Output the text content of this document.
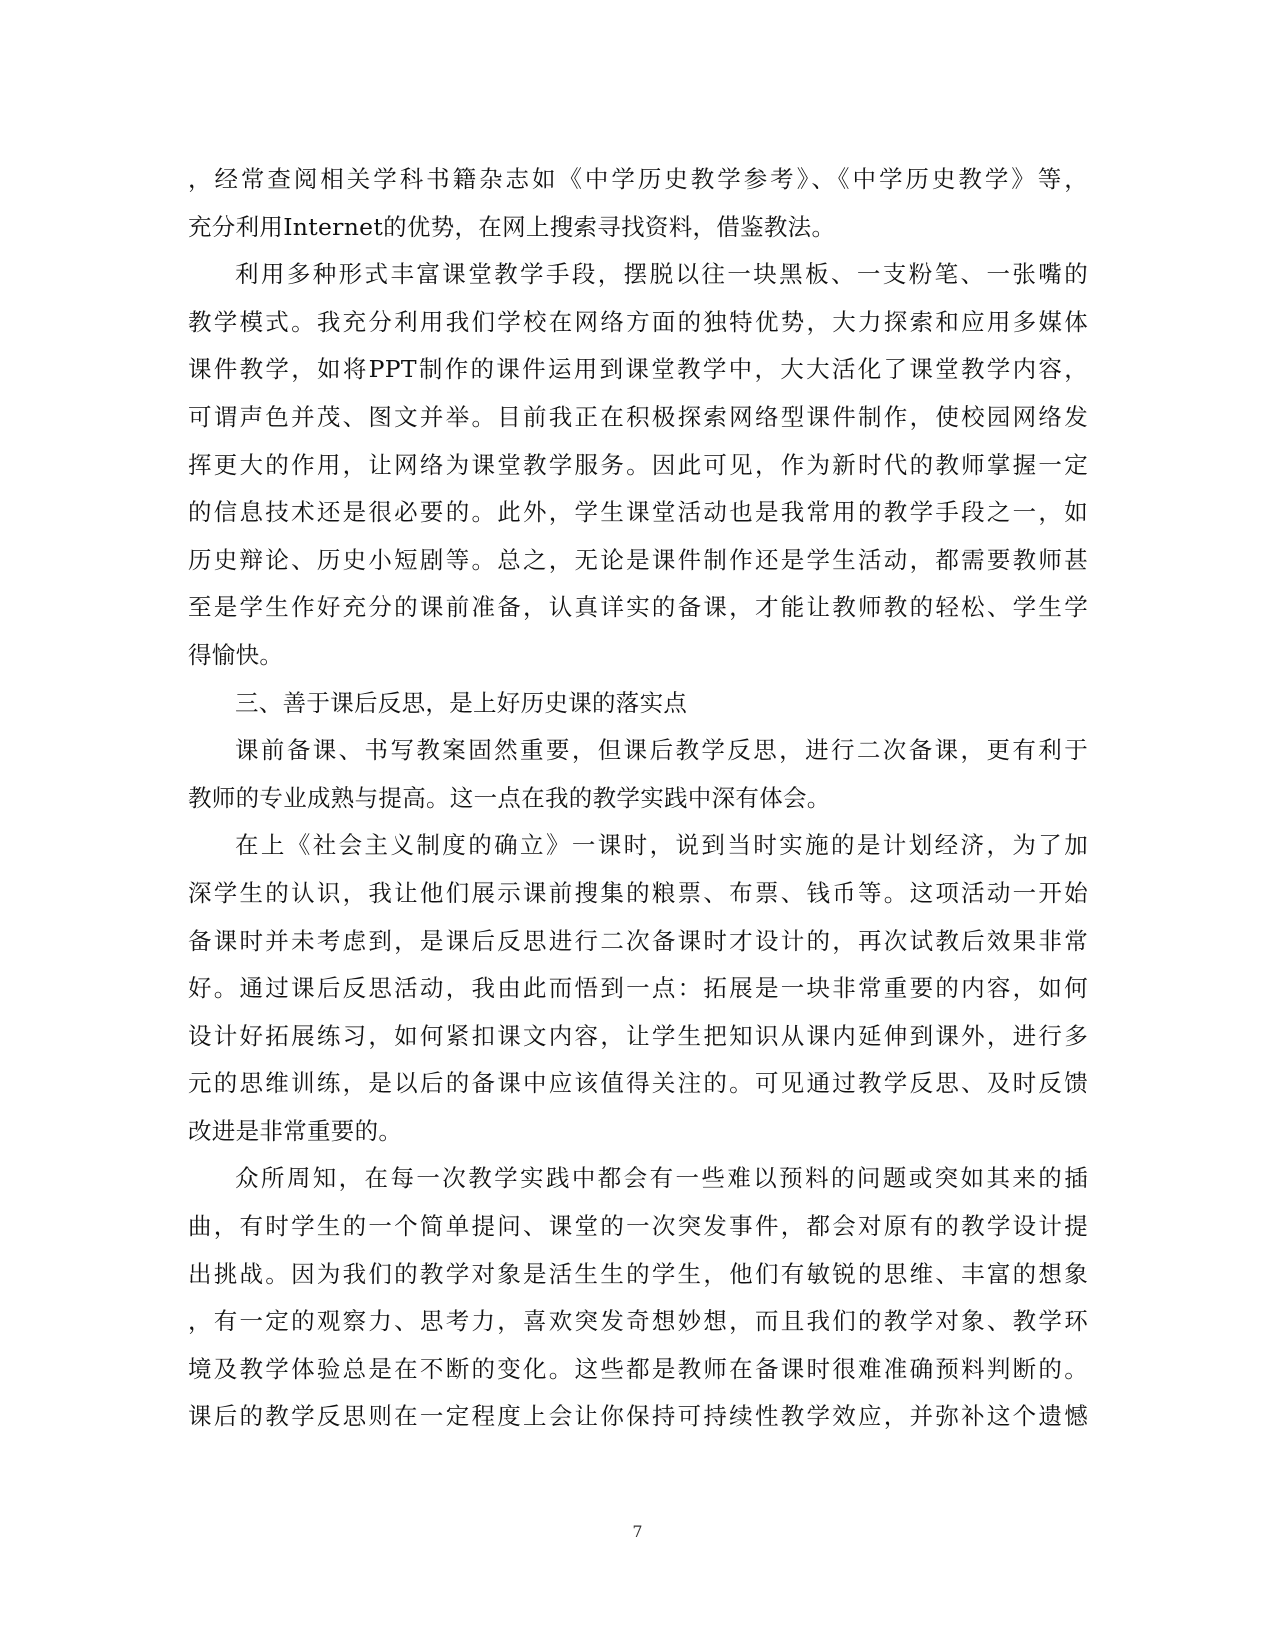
，经常查阅相关学科书籍杂志如《中学历史教学参考》、《中学历史教学》等，
充分利用Internet的优势，在网上搜索寻找资料，借鉴教法。
利用多种形式丰富课堂教学手段，摆脱以往一块黑板、一支粉笔、一张嘴的
教学模式。我充分利用我们学校在网络方面的独特优势，大力探索和应用多媒体
课件教学，如将PPT制作的课件运用到课堂教学中，大大活化了课堂教学内容，
可谓声色并茂、图文并举。目前我正在积极探索网络型课件制作，使校园网络发
挥更大的作用，让网络为课堂教学服务。因此可见，作为新时代的教师掌握一定
的信息技术还是很必要的。此外，学生课堂活动也是我常用的教学手段之一，如
历史辩论、历史小短剧等。总之，无论是课件制作还是学生活动，都需要教师甚
至是学生作好充分的课前准备，认真详实的备课，才能让教师教的轻松、学生学
得愉快。
三、善于课后反思，是上好历史课的落实点
课前备课、书写教案固然重要，但课后教学反思，进行二次备课，更有利于
教师的专业成熟与提高。这一点在我的教学实践中深有体会。
在上《社会主义制度的确立》一课时，说到当时实施的是计划经济，为了加
深学生的认识，我让他们展示课前搜集的粮票、布票、钱币等。这项活动一开始
备课时并未考虑到，是课后反思进行二次备课时才设计的，再次试教后效果非常
好。通过课后反思活动，我由此而悟到一点：拓展是一块非常重要的内容，如何
设计好拓展练习，如何紧扣课文内容，让学生把知识从课内延伸到课外，进行多
元的思维训练，是以后的备课中应该值得关注的。可见通过教学反思、及时反馈
改进是非常重要的。
众所周知，在每一次教学实践中都会有一些难以预料的问题或突如其来的插
曲，有时学生的一个简单提问、课堂的一次突发事件，都会对原有的教学设计提
出挑战。因为我们的教学对象是活生生的学生，他们有敏锐的思维、丰富的想象
，有一定的观察力、思考力，喜欢突发奇想妙想，而且我们的教学对象、教学环
境及教学体验总是在不断的变化。这些都是教师在备课时很难准确预料判断的。
课后的教学反思则在一定程度上会让你保持可持续性教学效应，并弥补这个遗憾
7
